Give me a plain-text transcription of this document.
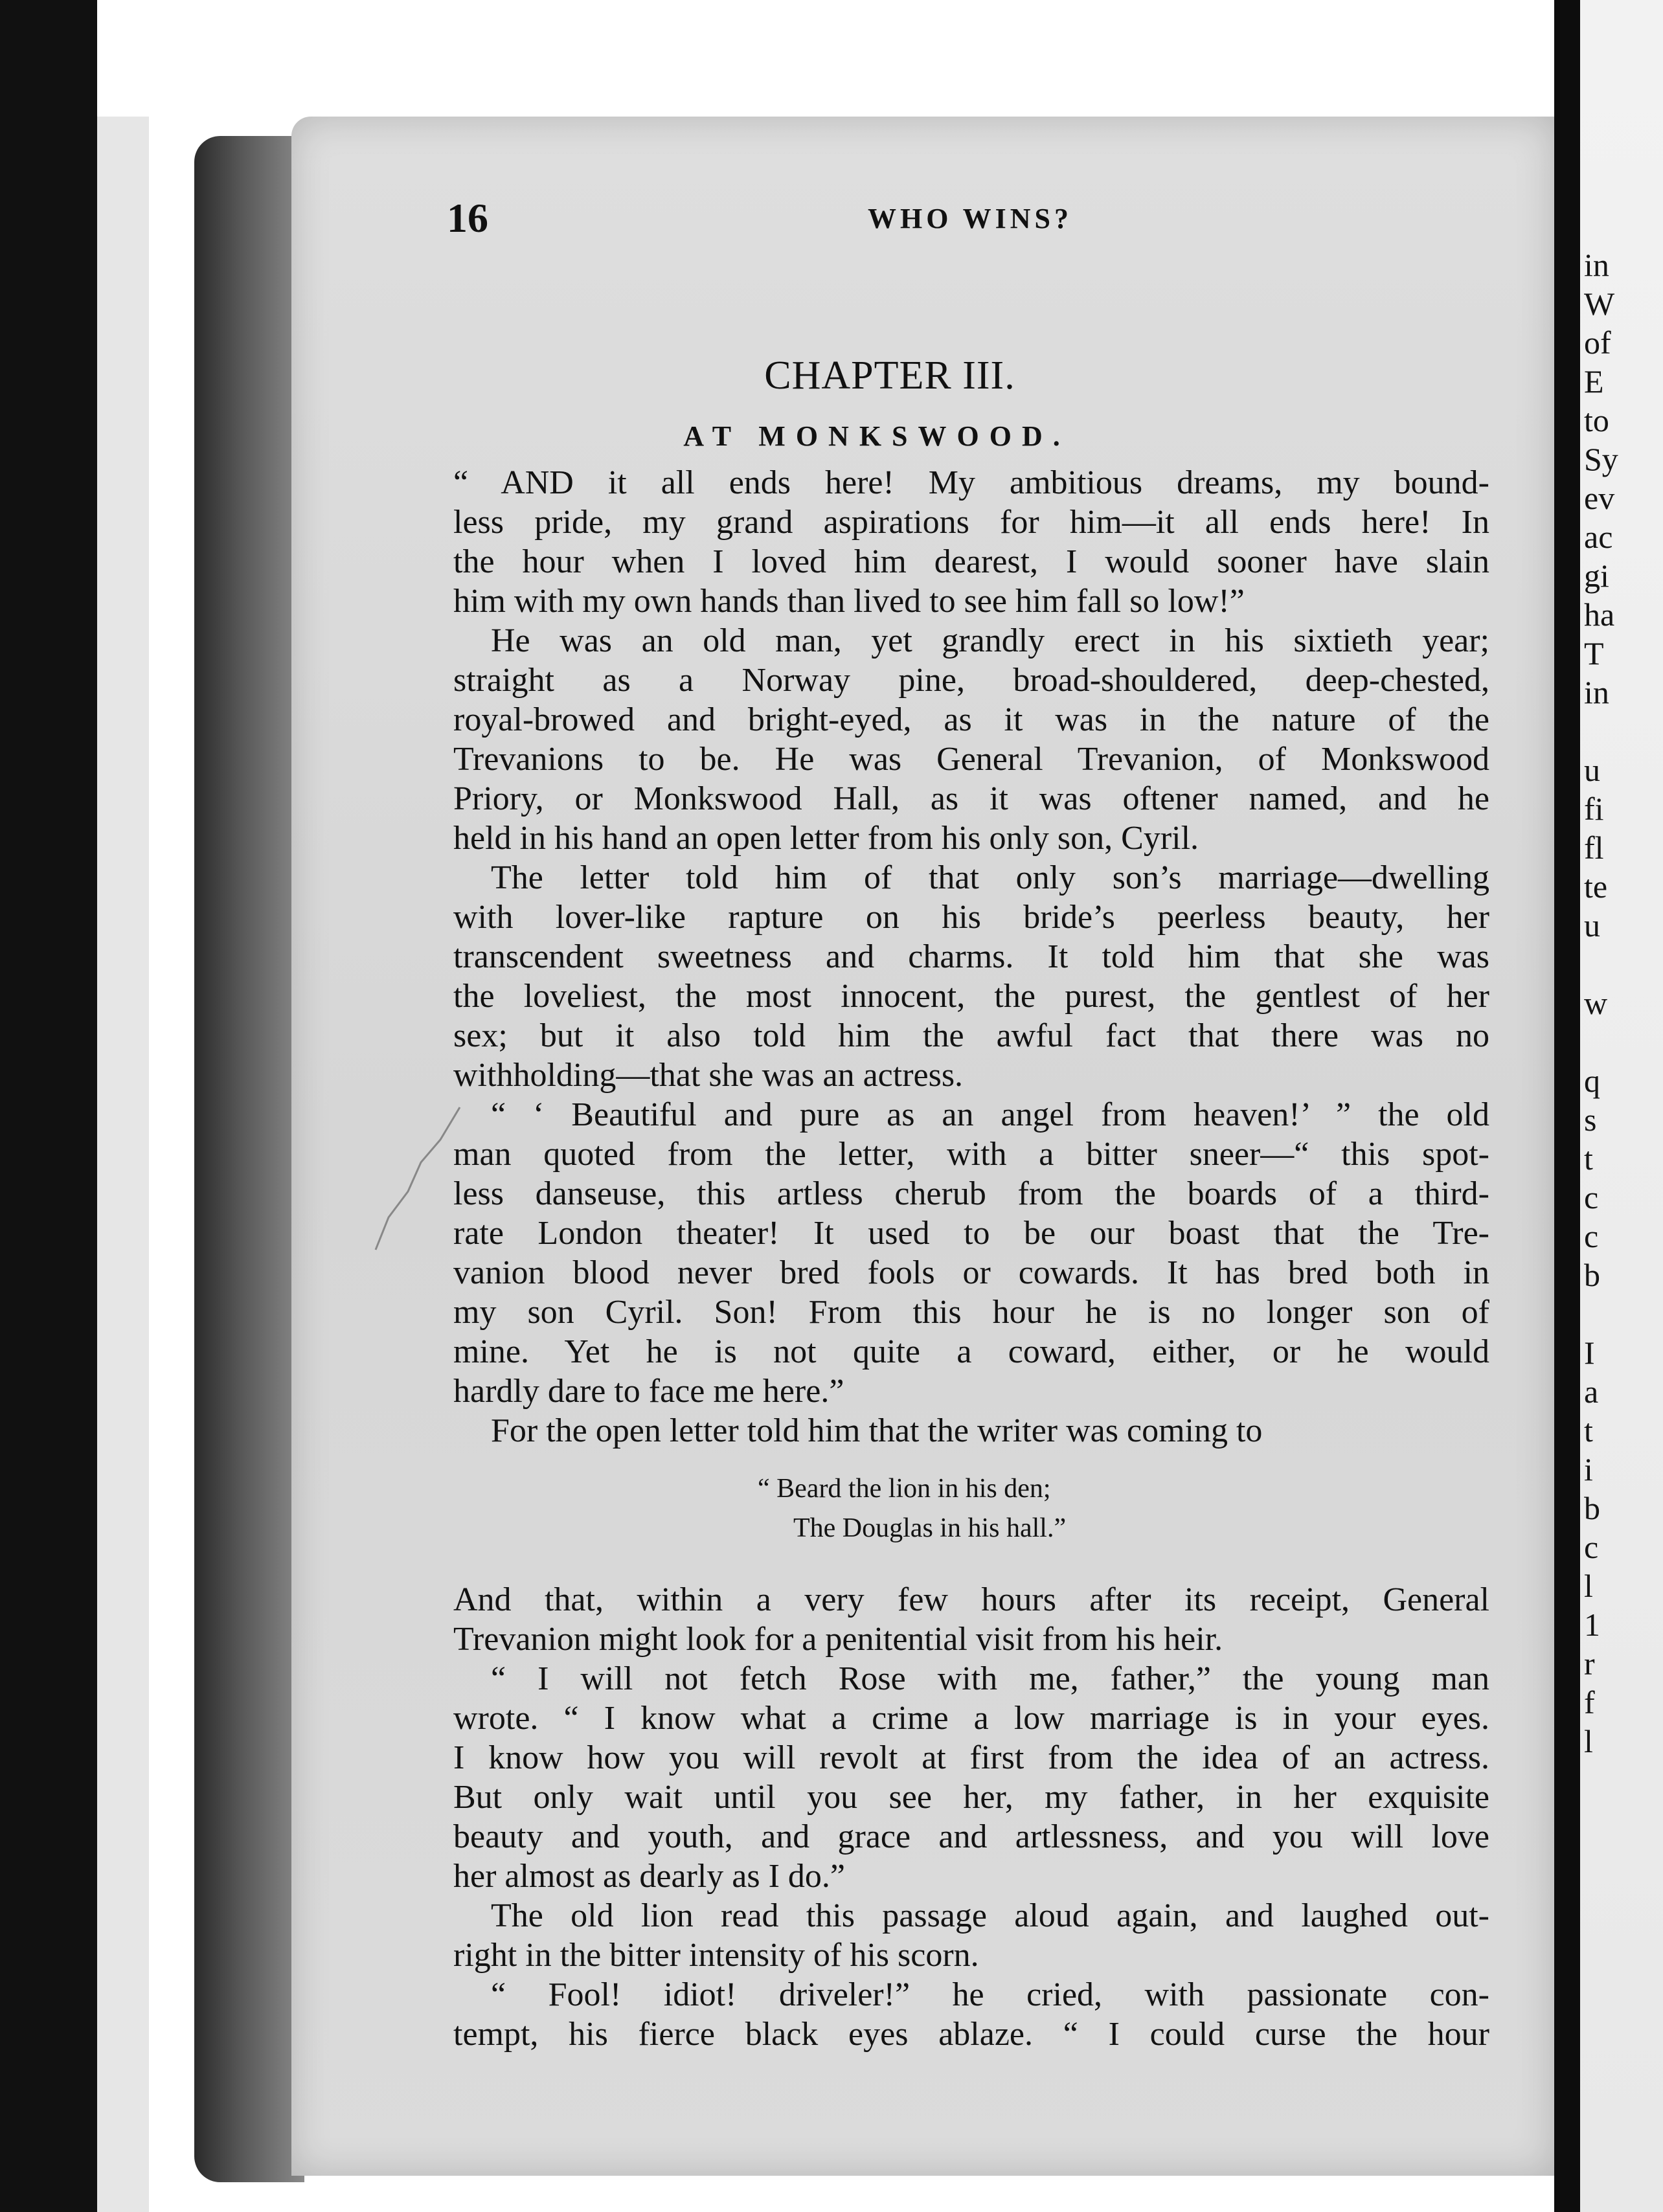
in
W
of
E
to
Sy
ev
ac
gi
ha
T
in
u
fi
fl
te
u
w
q
s
t
c
c
b
I
a
t
i
b
c
l
1
r
f
l
16	WHO WINS?
CHAPTER III.
AT MONKSWOOD.
“ AND it all ends here! My ambitious dreams, my bound-
less pride, my grand aspirations for him—it all ends here! In
the hour when I loved him dearest, I would sooner have slain
him with my own hands than lived to see him fall so low!”
He was an old man, yet grandly erect in his sixtieth year;
straight as a Norway pine, broad-shouldered, deep-chested,
royal-browed and bright-eyed, as it was in the nature of the
Trevanions to be. He was General Trevanion, of Monkswood
Priory, or Monkswood Hall, as it was oftener named, and he
held in his hand an open letter from his only son, Cyril.
The letter told him of that only son’s marriage—dwelling
with lover-like rapture on his bride’s peerless beauty, her
transcendent sweetness and charms. It told him that she was
the loveliest, the most innocent, the purest, the gentlest of her
sex; but it also told him the awful fact that there was no
withholding—that she was an actress.
“ ‘ Beautiful and pure as an angel from heaven!’ ” the old
man quoted from the letter, with a bitter sneer—“ this spot-
less danseuse, this artless cherub from the boards of a third-
rate London theater! It used to be our boast that the Tre-
vanion blood never bred fools or cowards. It has bred both in
my son Cyril. Son! From this hour he is no longer son of
mine. Yet he is not quite a coward, either, or he would
hardly dare to face me here.”
For the open letter told him that the writer was coming to
“ Beard the lion in his den;
The Douglas in his hall.”
And that, within a very few hours after its receipt, General
Trevanion might look for a penitential visit from his heir.
“ I will not fetch Rose with me, father,” the young man
wrote. “ I know what a crime a low marriage is in your eyes.
I know how you will revolt at first from the idea of an actress.
But only wait until you see her, my father, in her exquisite
beauty and youth, and grace and artlessness, and you will love
her almost as dearly as I do.”
The old lion read this passage aloud again, and laughed out-
right in the bitter intensity of his scorn.
“ Fool! idiot! driveler!” he cried, with passionate con-
tempt, his fierce black eyes ablaze. “ I could curse the hour
